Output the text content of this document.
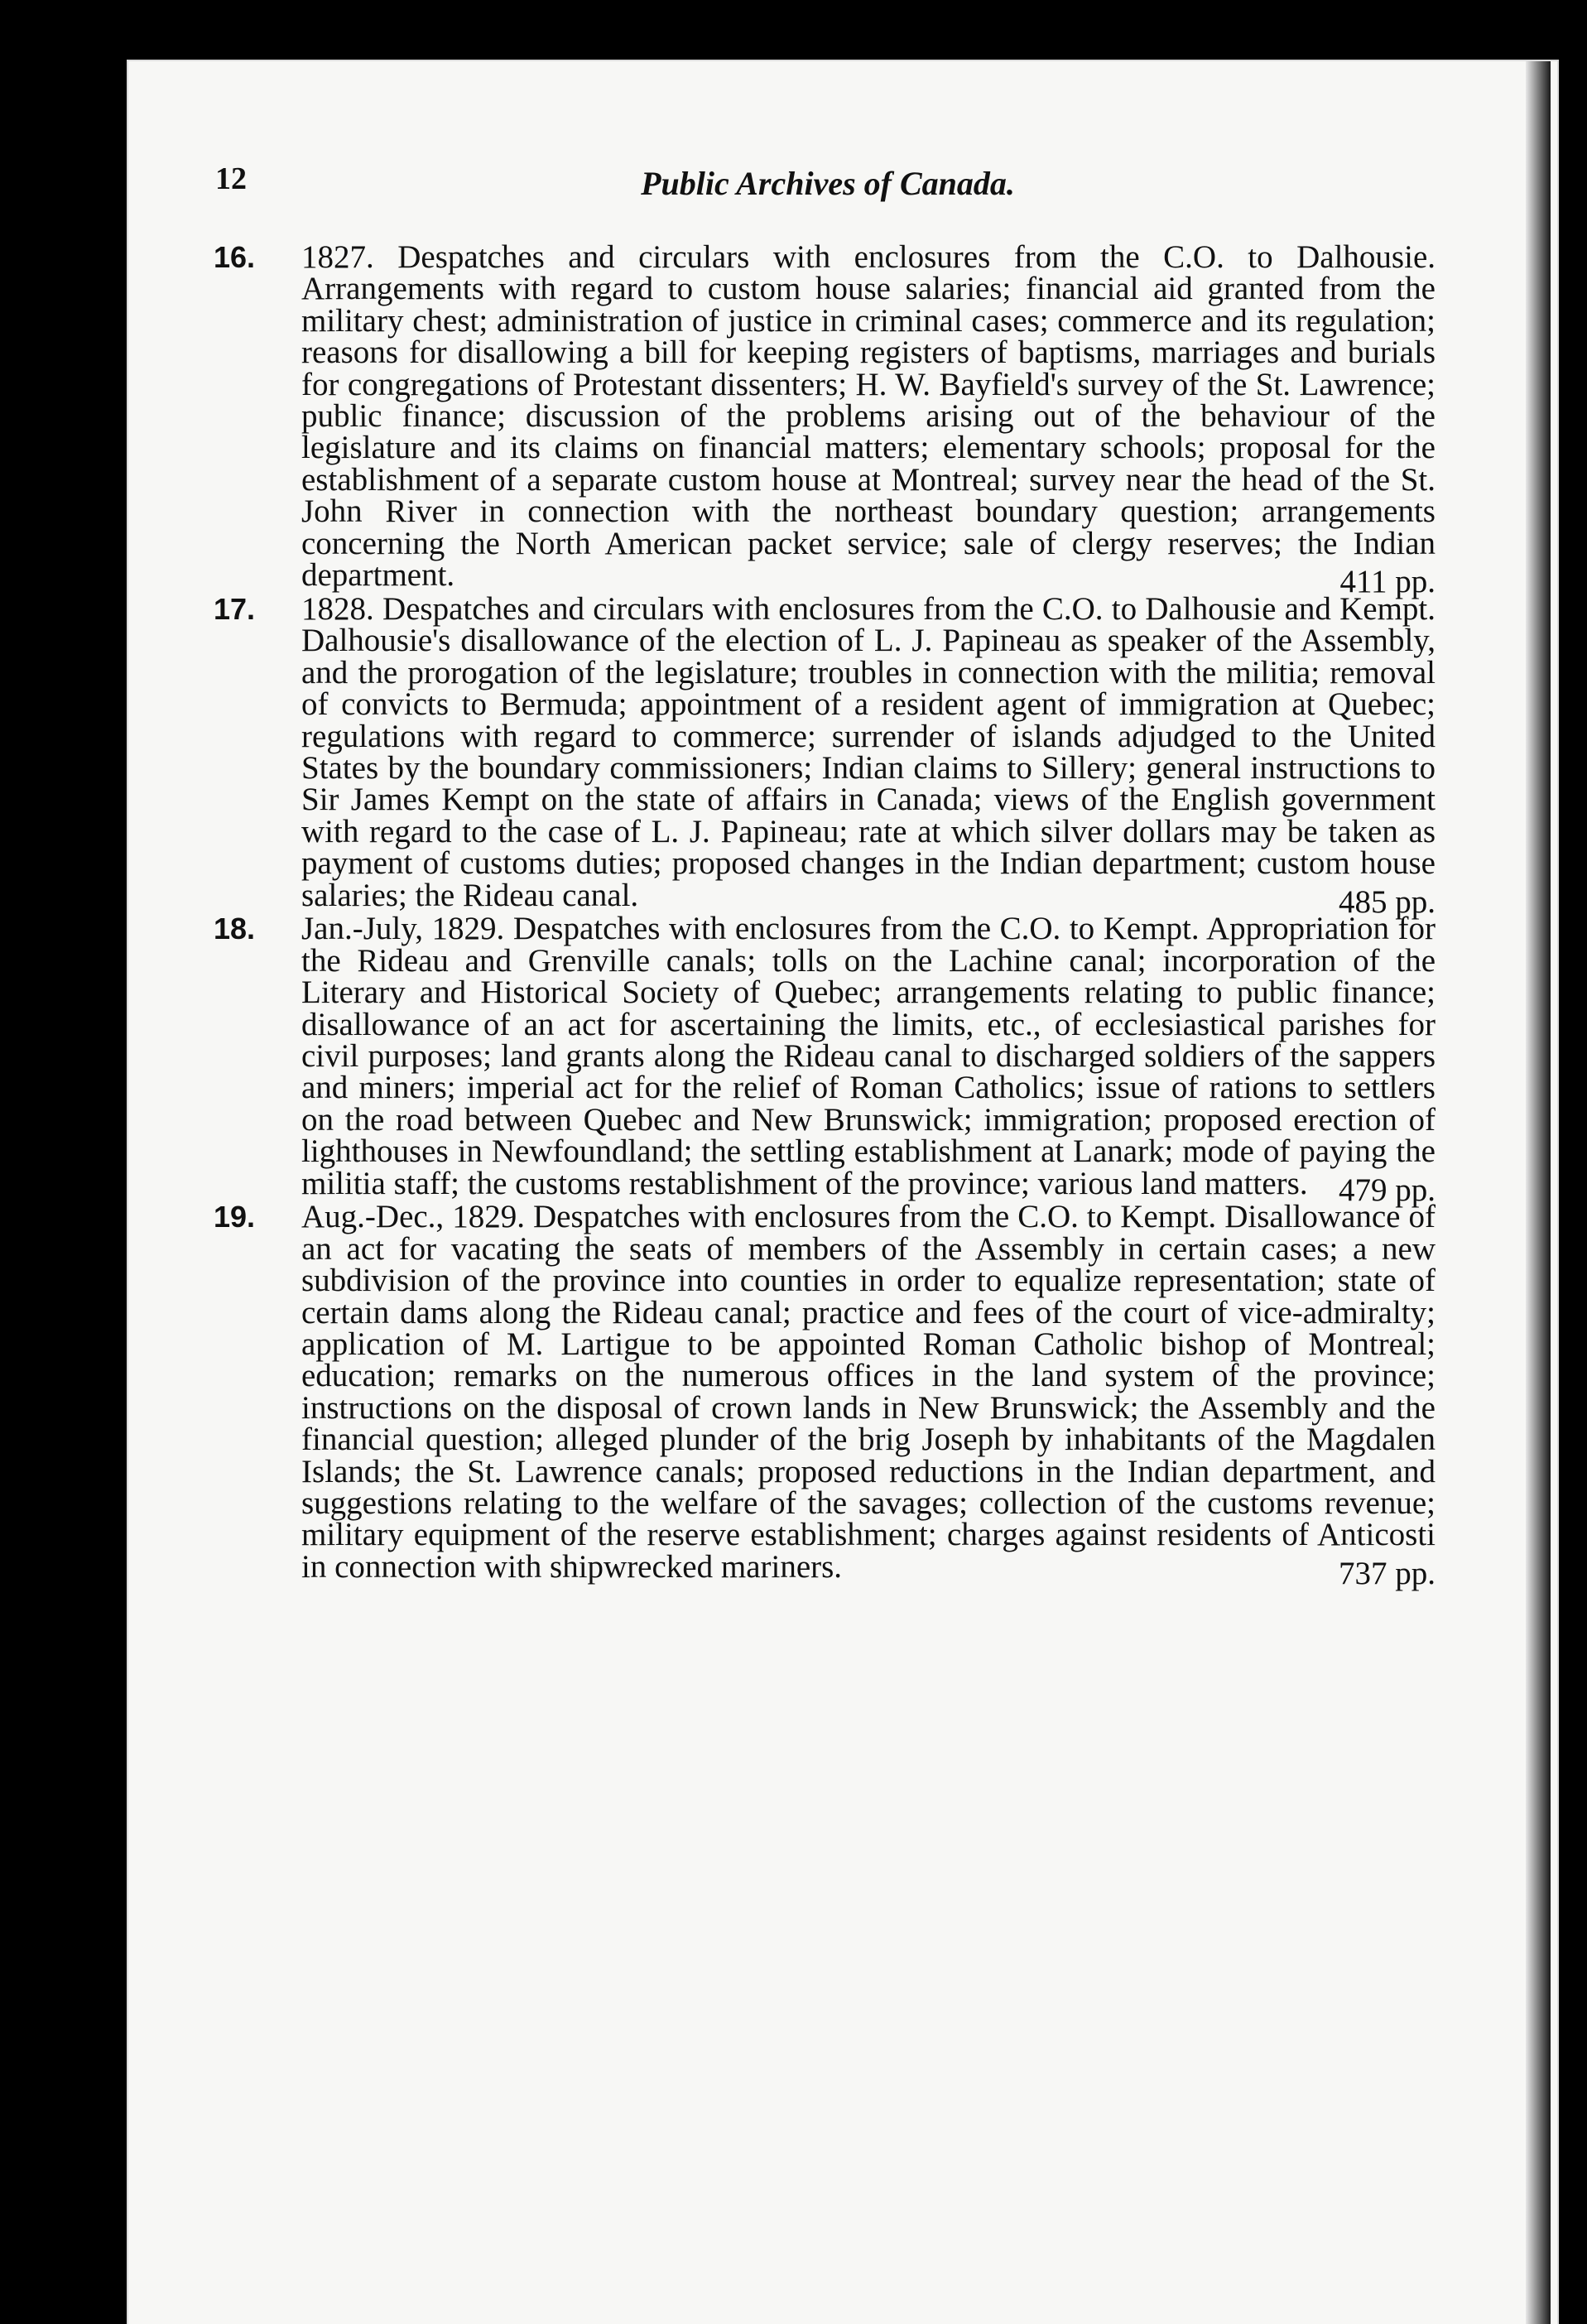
12	Public Archives of Canada.
16. 1827. Despatches and circulars with enclosures from the C.O. to Dalhousie. Arrangements with regard to custom house salaries; financial aid granted from the military chest; administration of justice in criminal cases; commerce and its regulation; reasons for disallowing a bill for keeping registers of baptisms, marriages and burials for congregations of Protestant dissenters; H. W. Bayfield's survey of the St. Lawrence; public finance; discussion of the problems arising out of the behaviour of the legislature and its claims on financial matters; elementary schools; proposal for the establishment of a separate custom house at Montreal; survey near the head of the St. John River in connection with the northeast boundary question; arrangements concerning the North American packet service; sale of clergy reserves; the Indian department.	411 pp.
17. 1828. Despatches and circulars with enclosures from the C.O. to Dalhousie and Kempt. Dalhousie's disallowance of the election of L. J. Papineau as speaker of the Assembly, and the prorogation of the legislature; troubles in connection with the militia; removal of convicts to Bermuda; appointment of a resident agent of immigration at Quebec; regulations with regard to commerce; surrender of islands adjudged to the United States by the boundary commissioners; Indian claims to Sillery; general instructions to Sir James Kempt on the state of affairs in Canada; views of the English government with regard to the case of L. J. Papineau; rate at which silver dollars may be taken as payment of customs duties; proposed changes in the Indian department; custom house salaries; the Rideau canal.	485 pp.
18. Jan.-July, 1829. Despatches with enclosures from the C.O. to Kempt. Appropriation for the Rideau and Grenville canals; tolls on the Lachine canal; incorporation of the Literary and Historical Society of Quebec; arrangements relating to public finance; disallowance of an act for ascertaining the limits, etc., of ecclesiastical parishes for civil purposes; land grants along the Rideau canal to discharged soldiers of the sappers and miners; imperial act for the relief of Roman Catholics; issue of rations to settlers on the road between Quebec and New Brunswick; immigration; proposed erection of lighthouses in Newfoundland; the settling establishment at Lanark; mode of paying the militia staff; the customs restablishment of the province; various land matters. 479 pp.
19. Aug.-Dec., 1829. Despatches with enclosures from the C.O. to Kempt. Disallowance of an act for vacating the seats of members of the Assembly in certain cases; a new subdivision of the province into counties in order to equalize representation; state of certain dams along the Rideau canal; practice and fees of the court of vice-admiralty; application of M. Lartigue to be appointed Roman Catholic bishop of Montreal; education; remarks on the numerous offices in the land system of the province; instructions on the disposal of crown lands in New Brunswick; the Assembly and the financial question; alleged plunder of the brig Joseph by inhabitants of the Magdalen Islands; the St. Lawrence canals; proposed reductions in the Indian department, and suggestions relating to the welfare of the savages; collection of the customs revenue; military equipment of the reserve establishment; charges against residents of Anticosti in connection with shipwrecked mariners.	737 pp.
